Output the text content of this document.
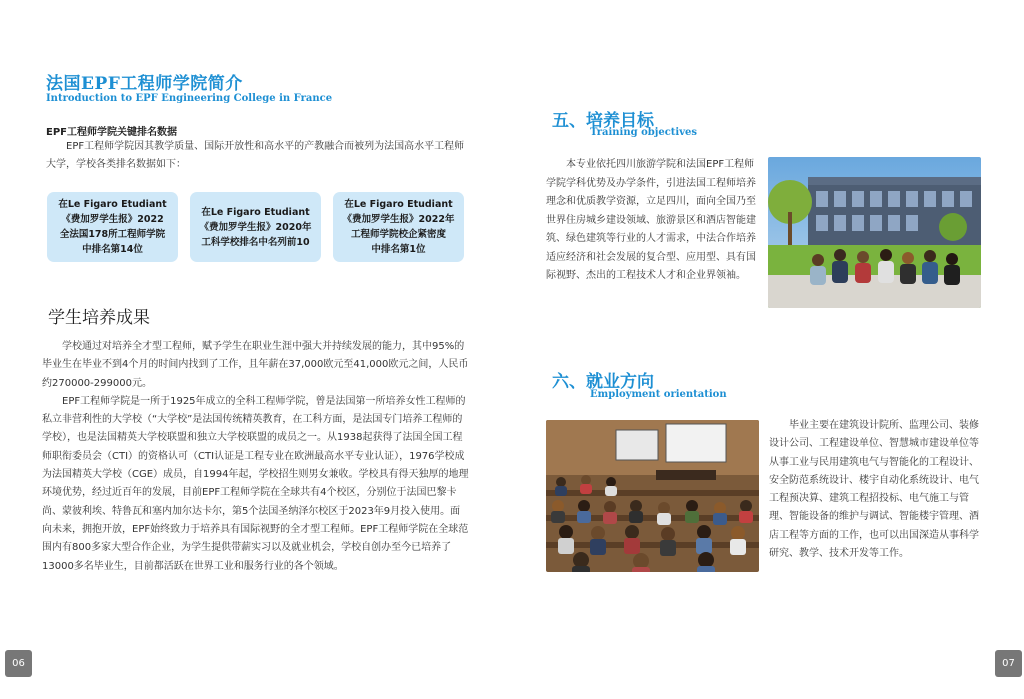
法国EPF工程师学院简介
Introduction to EPF Engineering College in France
EPF工程师学院关键排名数据
EPF工程师学院因其教学质量、国际开放性和高水平的产教融合而被列为法国高水平工程师大学，学校各类排名数据如下：
在Le Figaro Etudiant
《费加罗学生报》2022
全法国178所工程师学院
中排名第14位
在Le Figaro Etudiant
《费加罗学生报》2020年
工科学校排名中名列前10
在Le Figaro Etudiant
《费加罗学生报》2022年
工程师学院校企紧密度
中排名第1位
学生培养成果

学校通过对培养全才型工程师，赋予学生在职业生涯中强大并持续发展的能力，其中95%的毕业生在毕业不到4个月的时间内找到了工作，且年薪在37,000欧元至41,000欧元之间，人民币约270000-299000元。

EPF工程师学院是一所于1925年成立的全科工程师学院，曾是法国第一所培养女性工程师的私立非营利性的大学校（“大学校”是法国传统精英教育，在工科方面，是法国专门培养工程师的学校），也是法国精英大学校联盟和独立大学校联盟的成员之一。从1938起获得了法国全国工程师职衔委员会（CTI）的资格认可（CTI认证是工程专业在欧洲最高水平专业认证），1976学校成为法国精英大学校（CGE）成员，自1994年起，学校招生则男女兼收。学校具有得天独厚的地理环境优势，经过近百年的发展，目前EPF工程师学院在全球共有4个校区，分别位于法国巴黎卡尚、蒙彼利埃、特鲁瓦和塞内加尔达卡尔，第5个法国圣纳泽尔校区于2023年9月投入使用。面向未来，拥抱开放，EPF始终致力于培养具有国际视野的全才型工程师。EPF工程师学院在全球范围内有800多家大型合作企业，为学生提供带薪实习以及就业机会，学校自创办至今已培养了13000多名毕业生，目前都活跃在世界工业和服务行业的各个领域。

06
五、培养目标
Training objectives
本专业依托四川旅游学院和法国EPF工程师学院学科优势及办学条件，引进法国工程师培养理念和优质教学资源，立足四川，面向全国乃至世界住房城乡建设领域、旅游景区和酒店智能建筑、绿色建筑等行业的人才需求，中法合作培养适应经济和社会发展的复合型、应用型、具有国际视野、杰出的工程技术人才和企业界领袖。
六、就业方向
Employment orientation
毕业主要在建筑设计院所、监理公司、装修设计公司、工程建设单位、智慧城市建设单位等从事工业与民用建筑电气与智能化的工程设计、安全防范系统设计、楼宇自动化系统设计、电气工程预决算、建筑工程招投标、电气施工与管理、智能设备的维护与调试、智能楼宇管理、酒店工程等方面的工作，也可以出国深造从事科学研究、教学、技术开发等工作。
07
